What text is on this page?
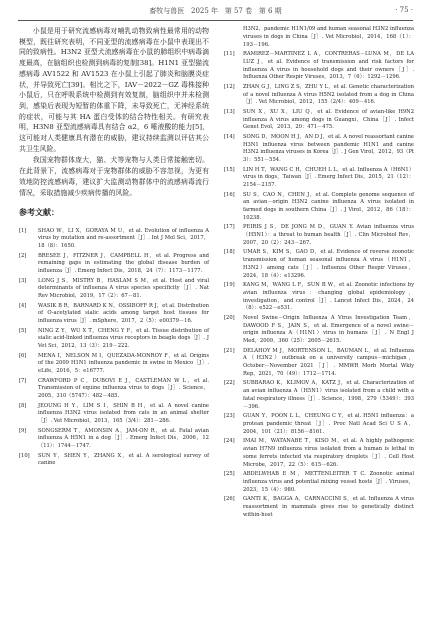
畜牧与兽医 2025 年 第 57 卷 第 6 期	· 75 ·

小鼠是用于研究流感病毒对哺乳动物致病性最常用的动物模型，既往研究表明，不同亚型的流感病毒在小鼠中表现出不同的致病性。H3N2 亚型犬流感病毒在小鼠的肺组织中病毒滴度最高，在脑组织也检测到病毒的复制[38]。H1N1 亚型猫流感病毒 AV1522 和 AV1523 在小鼠上引起了肺炎和脑膜炎症状，并导致死亡[39]。相比之下，IAV－2022－GZ 毒株接种小鼠后，只在呼吸系统中检测到有效复制，脑组织中并未检测到，感染后表现为短暂的体重下降，未导致死亡，无神经系统的症状，可能与其 HA 蛋白受体的结合特性相关。有研究表明，H3N8 亚型流感病毒具有结合 α2，6 唾液酸的能力[5]，这可能对人类健康具有潜在的威胁，建议持续监测以评估其公共卫生风险。

我国宠物群体庞大，猫、犬等宠物与人类日常接触密切。在此背景下，流感病毒对于宠物群体的威胁不容忽视，为更有效地防控流感病毒，建议扩大监测动物群体中的流感病毒流行情况，采取措施减少疾病传播的风险。

参考文献：
[1]	SHAO W，LI X，GORAYA M U，et al. Evolution of influenza A virus by mutation and re-assortment［J］. Int J Mol Sci，2017，18（8）：1650.
[2]	BRESEE J，FITZNER J，CAMPBELL H，et al. Progress and remaining gaps in estimating the global disease burden of influenza［J］. Emerg Infect Dis，2018，24（7）：1173－1177.
[3]	LONG J S，MISTRY B，HASLAM S M，et al. Host and viral determinants of influenza A virus species specificity［J］. Nat Rev Microbiol，2019，17（2）：67－81.
[4]	WASIK B R，BARNARD K N，OSSIBOFF R J，et al. Distribution of O-acetylated sialic acids among target host tissues for influenza virus［J］. mSphere，2017，2（5）：e00379－16.
[5]	NING Z Y，WU X T，CHENG Y F，et al. Tissue distribution of sialic acid-linked influenza virus receptors in beagle dogs［J］. J Vet Sci，2012，13（3）：219－222.
[6]	MENA I，NELSON M I，QUEZADA-MONROY F，et al. Origins of the 2009 H1N1 influenza pandemic in swine in Mexico［J］. eLife，2016，5：e16777.
[7]	CRAWFORD P C，DUBOVI E J，CASTLEMAN W L，et al. Transmission of equine influenza virus to dogs［J］. Science，2005，310（5747）：482－485.
[8]	JEOUNG H Y，LIM S I，SHIN B H，et al. A novel canine influenza H3N2 virus isolated from cats in an animal shelter［J］. Vet Microbiol，2013，165（3/4）：281－286.
[9]	SONGSERM T，AMONSIN A，JAM-ON R，et al. Fatal avian influenza A H5N1 in a dog［J］. Emerg Infect Dis，2006，12（11）：1744－1747.
[10]	SUN Y，SHEN Y，ZHANG X，et al. A serological survey of canine
H3N2，pandemic H1N1/09 and human seasonal H3N2 influenza viruses in dogs in China［J］. Vet Microbiol，2014，168（1）：193－196.
[11]	RAMIREZ－MARTINEZ L A，CONTRERAS－LUNA M，DE LA LUZ J，et al. Evidence of transmission and risk factors for influenza A virus in household dogs and their owners［J］. Influenza Other Respir Viruses，2013，7（6）：1292－1296.
[12]	ZHAN G J，LING Z S，ZHU Y L，et al. Genetic characterization of a novel influenza A virus H5N2 isolated from a dog in China［J］. Vet Microbiol，2012，155（2/4）：409－416.
[13]	SUN X，XU X，LIU Q，et al. Evidence of avian-like H9N2 influenza A virus among dogs in Guangxi，China［J］. Infect Genet Evol，2013，20：471－475.
[14]	SONG D，MOON H J，AN D J，et al. A novel reassortant canine H3N1 influenza virus between pandemic H1N1 and canine H3N2 influenza viruses in Korea［J］. J Gen Virol，2012，93（Pt 3）：551－554.
[15]	LIN H T，WANG C H，CHUEH L L，et al. Influenza A（H6N1）virus in dogs，Taiwan［J］. Emerg Infect Dis，2015，21（12）：2154－2157.
[16]	SU S，CAO N，CHEN J，et al. Complete genome sequence of an avian－origin H3N2 canine influenza A virus isolated in farmed dogs in southern China［J］. J Virol，2012，86（18）：10238.
[17]	PEIRIS J S，DE JONG M D，GUAN Y. Avian influenza virus（H5N1）：a threat to human health［J］. Clin Microbiol Rev，2007，20（2）：243－267.
[18]	UMAR S，KIM S，GAO D，et al. Evidence of reverse zoonotic transmission of human seasonal influenza A virus（H1N1，H3N2）among cats［J］. Influenza Other Respir Viruses，2024，18（4）：e13296.
[19]	KANG M，WANG L F，SUN B W，et al. Zoonotic infections by avian influenza virus：changing global epidemiology，investigation，and control［J］. Lancet Infect Dis，2024，24（8）：e522－e531.
[20]	Novel Swine－Origin Influenza A Virus Investigation Team，DAWOOD F S，JAIN S，et al. Emergence of a novel swine－origin influenza A（H1N1）virus in humans［J］. N Engl J Med，2009，360（25）：2605－2615.
[21]	DELAHOY M J，MORTENSON L，BAUMAN L，et al. Influenza A（H3N2）outbreak on a university campus－michigan，October－November 2021［J］. MMWR Morb Mortal Wkly Rep，2021，70（49）：1712－1714.
[22]	SUBBARAO K，KLIMOV A，KATZ J，et al. Characterization of an avian influenza A（H5N1）virus isolated from a child with a fatal respiratory illness［J］. Science，1998，279（5349）：393－396.
[23]	GUAN Y，POON L L，CHEUNG C Y，et al. H5N1 influenza：a protean pandemic threat［J］. Proc Natl Acad Sci U S A，2004，101（21）：8156－8161.
[24]	IMAI M，WATANABE T，KISO M，et al. A highly pathogenic avian H7N9 influenza virus isolated from a human is lethal in some ferrets infected via respiratory droplets［J］. Cell Host Microbe，2017，22（5）：615－626.
[25]	ABDELWHAB E M，METTENLEITER T C. Zoonotic animal influenza virus and potential mixing vessel hosts［J］. Viruses，2023，15（4）：980.
[26]	GANTI K，BAGGA A，CARNACCINI S，et al. Influenza A virus reassortment in mammals gives rise to genetically distinct within-host
